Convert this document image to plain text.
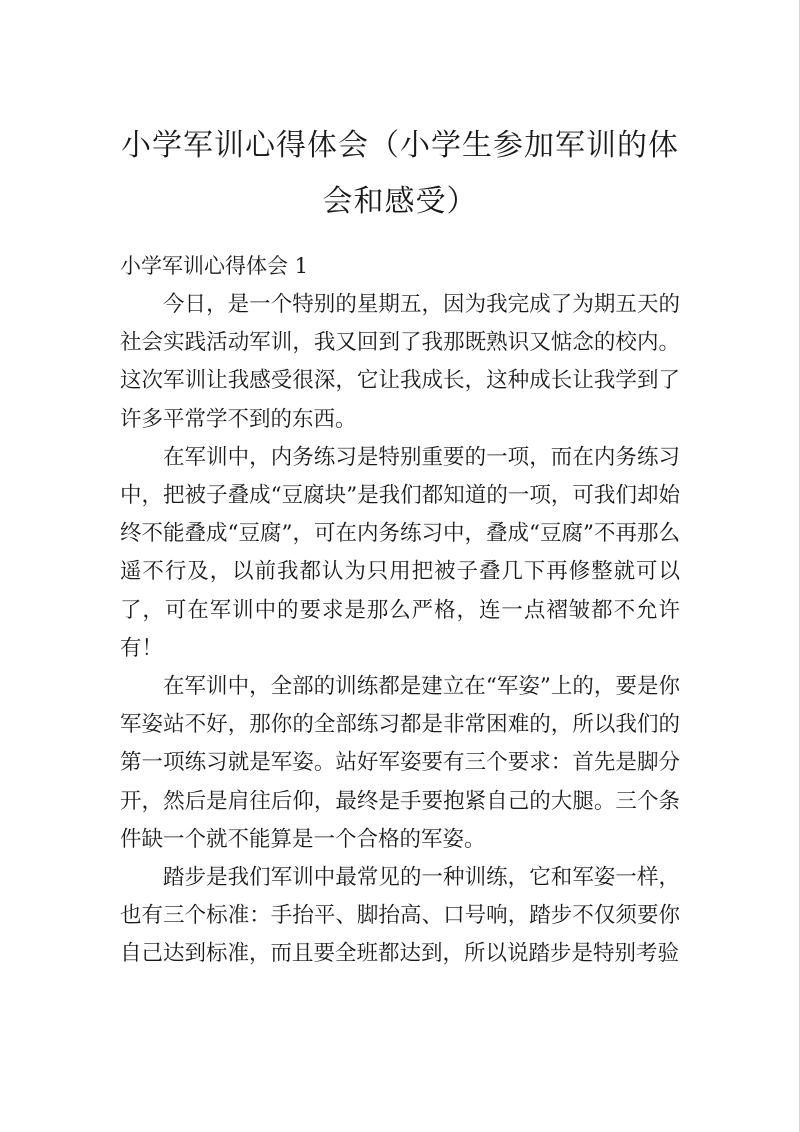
小学军训心得体会（小学生参加军训的体会和感受）
小学军训心得体会 1

今日，是一个特别的星期五，因为我完成了为期五天的社会实践活动军训，我又回到了我那既熟识又惦念的校内。这次军训让我感受很深，它让我成长，这种成长让我学到了许多平常学不到的东西。

在军训中，内务练习是特别重要的一项，而在内务练习中，把被子叠成“豆腐块”是我们都知道的一项，可我们却始终不能叠成“豆腐”，可在内务练习中，叠成“豆腐”不再那么遥不行及，以前我都认为只用把被子叠几下再修整就可以了，可在军训中的要求是那么严格，连一点褶皱都不允许有！

在军训中，全部的训练都是建立在“军姿”上的，要是你军姿站不好，那你的全部练习都是非常困难的，所以我们的第一项练习就是军姿。站好军姿要有三个要求：首先是脚分开，然后是肩往后仰，最终是手要抱紧自己的大腿。三个条件缺一个就不能算是一个合格的军姿。

踏步是我们军训中最常见的一种训练，它和军姿一样，也有三个标准：手抬平、脚抬高、口号响，踏步不仅须要你自己达到标准，而且要全班都达到，所以说踏步是特别考验
